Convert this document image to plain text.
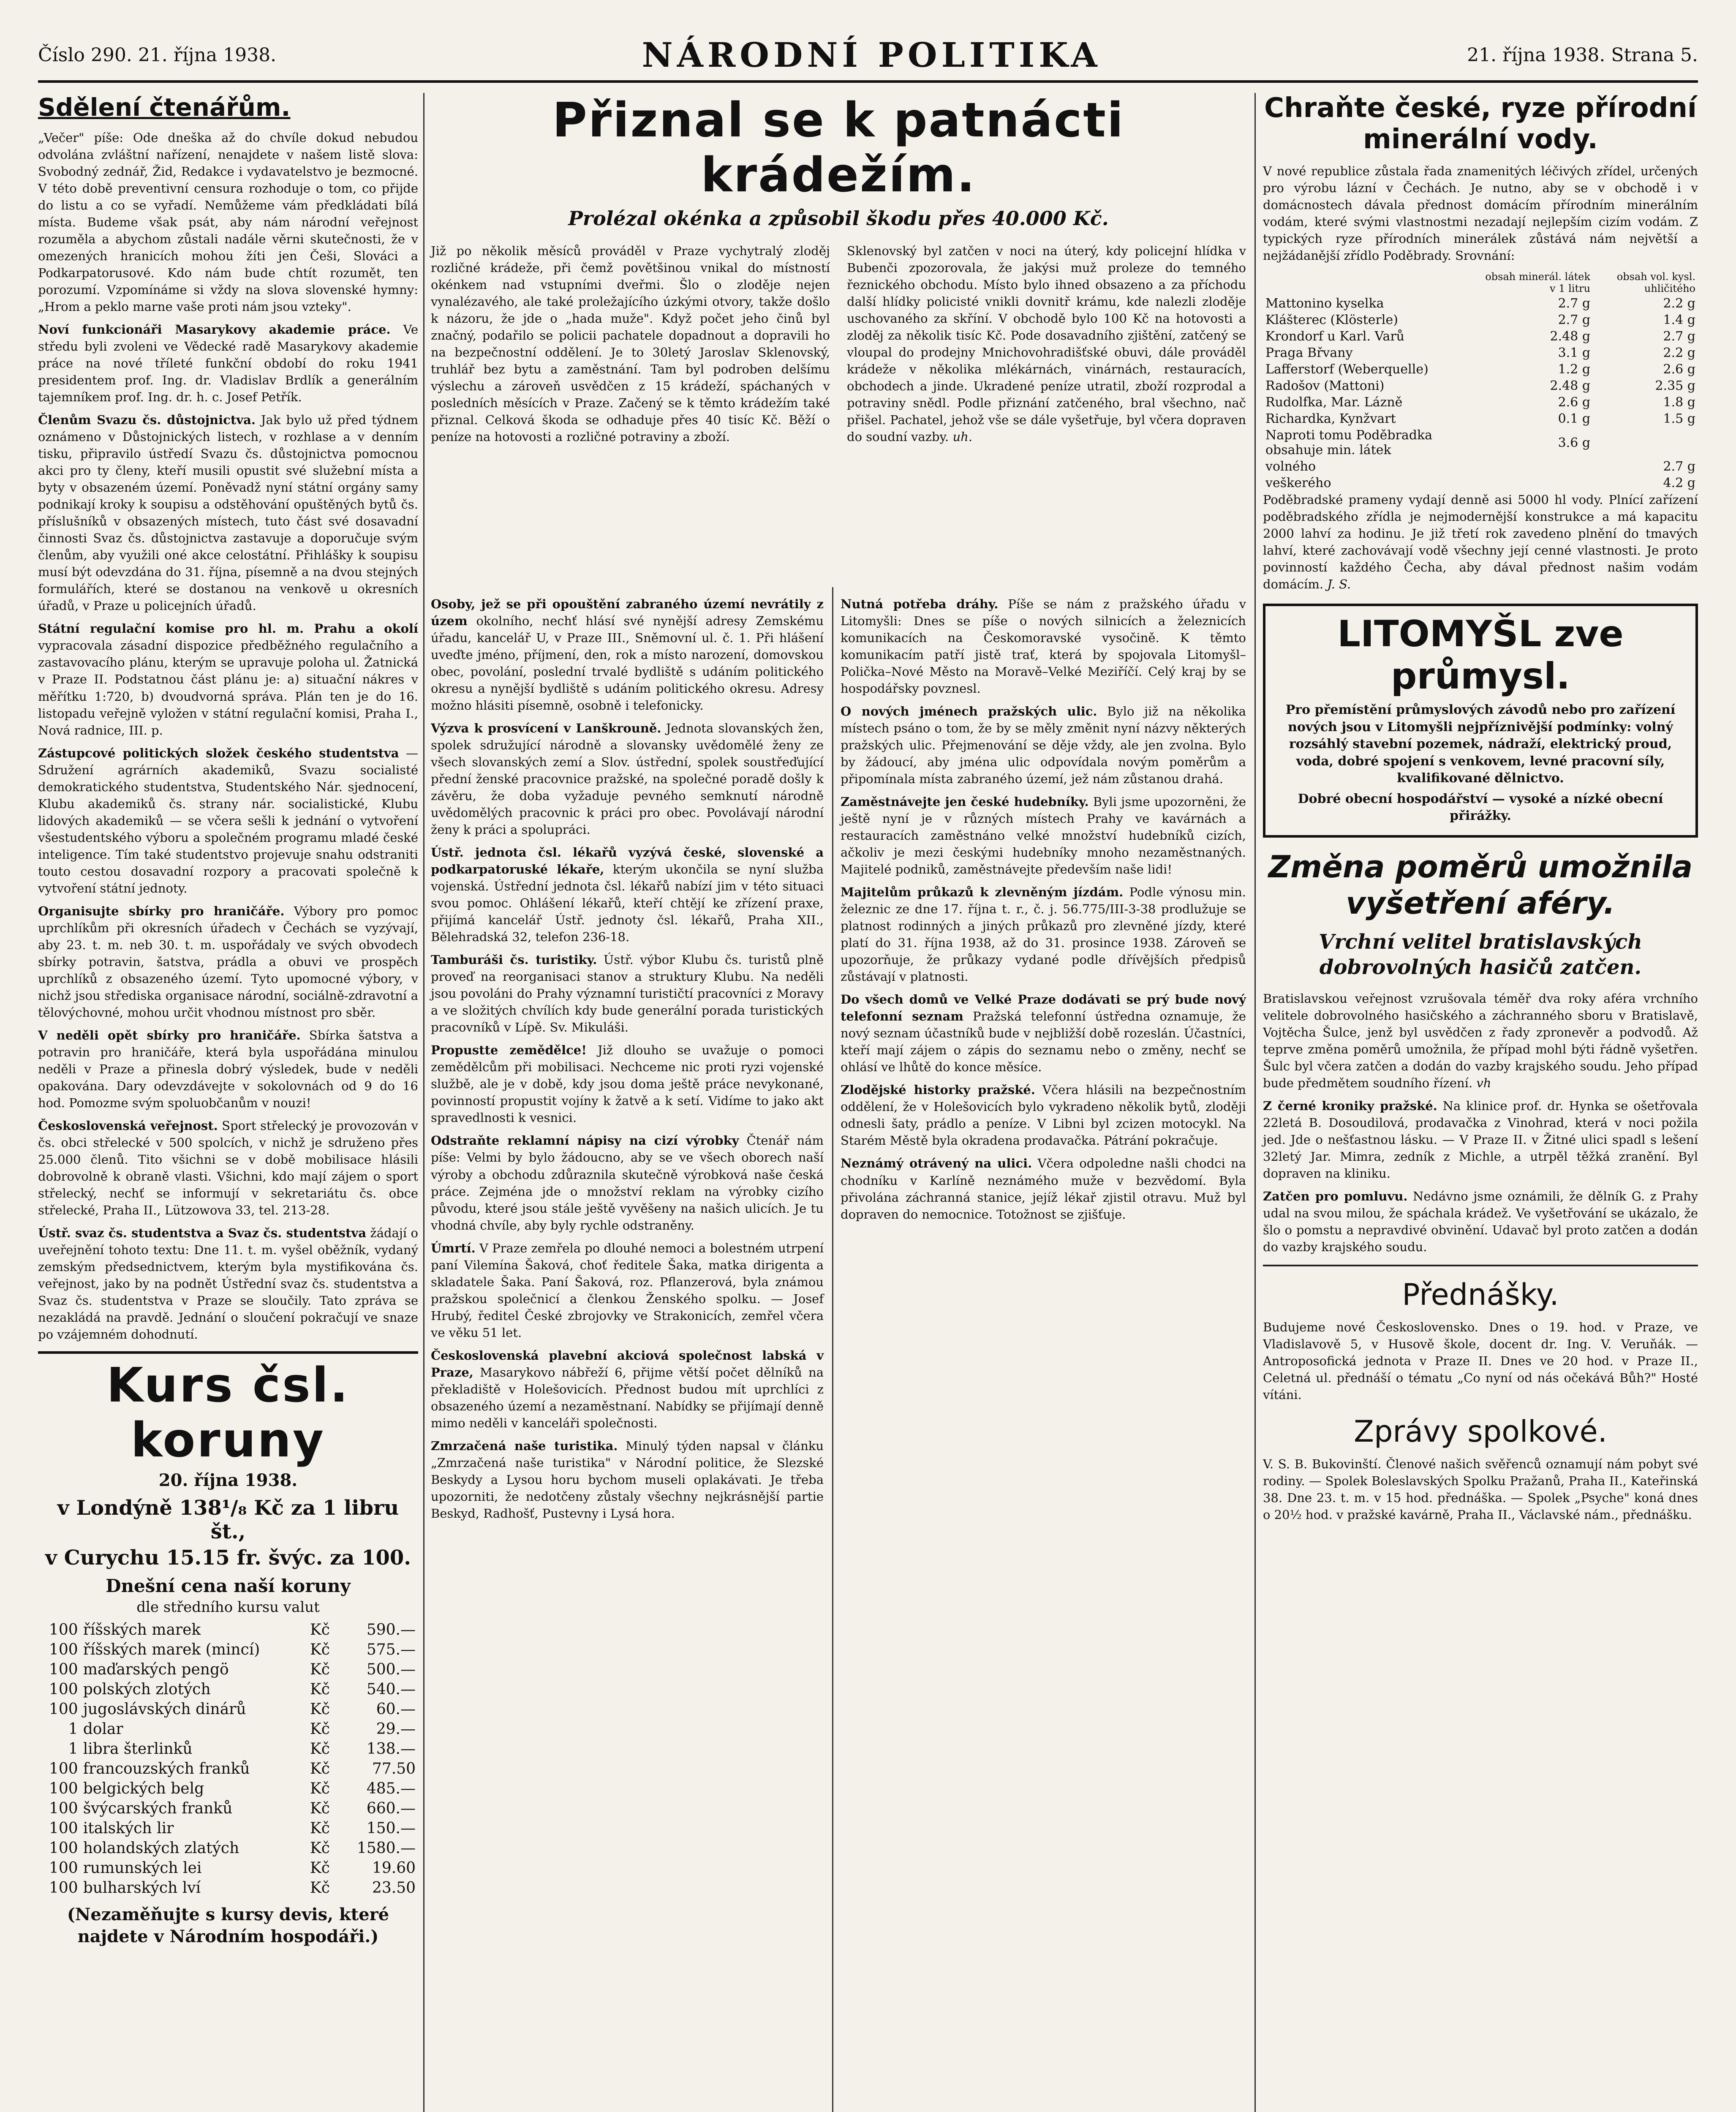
Číslo 290. 21. října 1938.	NÁRODNÍ POLITIKA	21. října 1938. Strana 5.
Sdělení čtenářům.

„Večer" píše: Ode dneška až do chvíle dokud nebudou odvolána zvláštní nařízení, nenajdete v našem listě slova: Svobodný zednář, Žid, Redakce i vydavatelstvo je bezmocné. V této době preventivní censura rozhoduje o tom, co přijde do listu a co se vyřadí. Nemůžeme vám předkládati bílá místa. Budeme však psát, aby nám národní veřejnost rozuměla a abychom zůstali nadále věrni skutečnosti, že v omezených hranicích mohou žíti jen Češi, Slováci a Podkarpatorusové. Kdo nám bude chtít rozumět, ten porozumí. Vzpomínáme si vždy na slova slovenské hymny: „Hrom a peklo marne vaše proti nám jsou vzteky".

Noví funkcionáři Masarykovy akademie práce. Ve středu byli zvoleni ve Vědecké radě Masarykovy akademie práce na nové tříleté funkční období do roku 1941 presidentem prof. Ing. dr. Vladislav Brdlík a generálním tajemníkem prof. Ing. dr. h. c. Josef Petřík.

Členům Svazu čs. důstojnictva. Jak bylo už před týdnem oznámeno v Důstojnických listech, v rozhlase a v denním tisku, připravilo ústředí Svazu čs. důstojnictva pomocnou akci pro ty členy, kteří musili opustit své služební místa a byty v obsazeném území. Poněvadž nyní státní orgány samy podnikají kroky k soupisu a odstěhování opuštěných bytů čs. příslušníků v obsazených místech, tuto část své dosavadní činnosti Svaz čs. důstojnictva zastavuje a doporučuje svým členům, aby využili oné akce celostátní. Přihlášky k soupisu musí být odevzdána do 31. října, písemně a na dvou stejných formulářích, které se dostanou na venkově u okresních úřadů, v Praze u policejních úřadů.

Státní regulační komise pro hl. m. Prahu a okolí vypracovala zásadní dispozice předběžného regulačního a zastavovacího plánu, kterým se upravuje poloha ul. Žatnická v Praze II. Podstatnou část plánu je: a) situační nákres v měřítku 1:720, b) dvoudvorná správa. Plán ten je do 16. listopadu veřejně vyložen v státní regulační komisi, Praha I., Nová radnice, III. p.

Zástupcové politických složek českého studentstva — Sdružení agrárních akademiků, Svazu socialisté demokratického studentstva, Studentského Nár. sjednocení, Klubu akademiků čs. strany nár. socialistické, Klubu lidových akademiků — se včera sešli k jednání o vytvoření všestudentského výboru a společném programu mladé české inteligence. Tím také studentstvo projevuje snahu odstraniti touto cestou dosavadní rozpory a pracovati společně k vytvoření státní jednoty.

Organisujte sbírky pro hraničáře. Výbory pro pomoc uprchlíkům při okresních úřadech v Čechách se vyzývají, aby 23. t. m. neb 30. t. m. uspořádaly ve svých obvodech sbírky potravin, šatstva, prádla a obuvi ve prospěch uprchlíků z obsazeného území. Tyto upomocné výbory, v nichž jsou střediska organisace národní, sociálně-zdravotní a tělovýchovné, mohou určit vhodnou místnost pro sběr.

V neděli opět sbírky pro hraničáře. Sbírka šatstva a potravin pro hraničáře, která byla uspořádána minulou neděli v Praze a přinesla dobrý výsledek, bude v neděli opakována. Dary odevzdávejte v sokolovnách od 9 do 16 hod. Pomozme svým spoluobčanům v nouzi!

Československá veřejnost. Sport střelecký je provozován v čs. obci střelecké v 500 spolcích, v nichž je sdruženo přes 25.000 členů. Tito všichni se v době mobilisace hlásili dobrovolně k obraně vlasti. Všichni, kdo mají zájem o sport střelecký, nechť se informují v sekretariátu čs. obce střelecké, Praha II., Lützowova 33, tel. 213-28.

Ústř. svaz čs. studentstva a Svaz čs. studentstva žádají o uveřejnění tohoto textu: Dne 11. t. m. vyšel oběžník, vydaný zemským předsednictvem, kterým byla mystifikována čs. veřejnost, jako by na podnět Ústřední svaz čs. studentstva a Svaz čs. studentstva v Praze se sloučily. Tato zpráva se nezakládá na pravdě. Jednání o sloučení pokračují ve snaze po vzájemném dohodnutí.

Kurs čsl. koruny
20. října 1938.
v Londýně 138¹/₈ Kč za 1 libru št.,
v Curychu 15.15 fr. švýc. za 100.
Dnešní cena naší koruny
dle středního kursu valut
100	říšských marek	Kč	590.—
100	říšských marek (mincí)	Kč	575.—
100	maďarských pengö	Kč	500.—
100	polských zlotých	Kč	540.—
100	jugoslávských dinárů	Kč	60.—
1	dolar	Kč	29.—
1	libra šterlinků	Kč	138.—
100	francouzských franků	Kč	77.50
100	belgických belg	Kč	485.—
100	švýcarských franků	Kč	660.—
100	italských lir	Kč	150.—
100	holandských zlatých	Kč	1580.—
100	rumunských lei	Kč	19.60
100	bulharských lví	Kč	23.50
(Nezaměňujte s kursy devis, které najdete v Národním hospodáři.)
Přiznal se k patnácti krádežím.
Prolézal okénka a způsobil škodu přes 40.000 Kč.

Již po několik měsíců prováděl v Praze vychytralý zloděj rozličné krádeže, při čemž povětšinou vnikal do místností okénkem nad vstupními dveřmi. Šlo o zloděje nejen vynalézavého, ale také proležajícího úzkými otvory, takže došlo k názoru, že jde o „hada muže". Když počet jeho činů byl značný, podařilo se policii pachatele dopadnout a dopravili ho na bezpečnostní oddělení. Je to 30letý Jaroslav Sklenovský, truhlář bez bytu a zaměstnání. Tam byl podroben delšímu výslechu a zároveň usvědčen z 15 krádeží, spáchaných v posledních měsících v Praze. Začený se k těmto krádežím také přiznal. Celková škoda se odhaduje přes 40 tisíc Kč. Běží o peníze na hotovosti a rozličné potraviny a zboží.

Sklenovský byl zatčen v noci na úterý, kdy policejní hlídka v Bubenči zpozorovala, že jakýsi muž proleze do temného řeznického obchodu. Místo bylo ihned obsazeno a za příchodu další hlídky policisté vnikli dovnitř krámu, kde nalezli zloděje uschovaného za skříní. V obchodě bylo 100 Kč na hotovosti a zloděj za několik tisíc Kč. Pode dosavadního zjištění, zatčený se vloupal do prodejny Mnichovohradišťské obuvi, dále prováděl krádeže v několika mlékárnách, vinárnách, restauracích, obchodech a jinde. Ukradené peníze utratil, zboží rozprodal a potraviny snědl. Podle přiznání zatčeného, bral všechno, nač přišel. Pachatel, jehož vše se dále vyšetřuje, byl včera dopraven do soudní vazby. uh.

Osoby, jež se při opouštění zabraného území nevrátily z územ okolního, nechť hlásí své nynější adresy Zemskému úřadu, kancelář U, v Praze III., Sněmovní ul. č. 1. Při hlášení uveďte jméno, příjmení, den, rok a místo narození, domovskou obec, povolání, poslední trvalé bydliště s udáním politického okresu a nynější bydliště s udáním politického okresu. Adresy možno hlásiti písemně, osobně i telefonicky.

Výzva k prosvícení v Lanškrouně. Jednota slovanských žen, spolek sdružující národně a slovansky uvědomělé ženy ze všech slovanských zemí a Slov. ústřední, spolek soustřeďující přední ženské pracovnice pražské, na společné poradě došly k závěru, že doba vyžaduje pevného semknutí národně uvědomělých pracovnic k práci pro obec. Povolávají národní ženy k práci a spolupráci.

Ústř. jednota čsl. lékařů vyzývá české, slovenské a podkarpatoruské lékaře, kterým ukončila se nyní služba vojenská. Ústřední jednota čsl. lékařů nabízí jim v této situaci svou pomoc. Ohlášení lékařů, kteří chtějí ke zřízení praxe, přijímá kancelář Ústř. jednoty čsl. lékařů, Praha XII., Bělehradská 32, telefon 236-18.

Tamburáši čs. turistiky. Ústř. výbor Klubu čs. turistů plně proveď na reorganisaci stanov a struktury Klubu. Na neděli jsou povoláni do Prahy významní turističtí pracovníci z Moravy a ve složitých chvílích kdy bude generální porada turistických pracovníků v Lípě. Sv. Mikuláši.

Propustte zemědělce! Již dlouho se uvažuje o pomoci zemědělcům při mobilisaci. Nechceme nic proti ryzi vojenské službě, ale je v době, kdy jsou doma ještě práce nevykonané, povinností propustit vojíny k žatvě a k setí. Vidíme to jako akt spravedlnosti k vesnici.

Odstraňte reklamní nápisy na cizí výrobky Čtenář nám píše: Velmi by bylo žádoucno, aby se ve všech oborech naší výroby a obchodu zdůraznila skutečně výrobková naše česká práce. Zejména jde o množství reklam na výrobky cizího původu, které jsou stále ještě vyvěšeny na našich ulicích. Je tu vhodná chvíle, aby byly rychle odstraněny.

Úmrtí. V Praze zemřela po dlouhé nemoci a bolestném utrpení paní Vilemína Šaková, choť ředitele Šaka, matka dirigenta a skladatele Šaka. Paní Šaková, roz. Pflanzerová, byla známou pražskou společnicí a členkou Ženského spolku. — Josef Hrubý, ředitel České zbrojovky ve Strakonicích, zemřel včera ve věku 51 let.

Československá plavební akciová společnost labská v Praze, Masarykovo nábřeží 6, přijme větší počet dělníků na překladiště v Holešovicích. Přednost budou mít uprchlíci z obsazeného území a nezaměstnaní. Nabídky se přijímají denně mimo neděli v kanceláři společnosti.

Zmrzačená naše turistika. Minulý týden napsal v článku „Zmrzačená naše turistika" v Národní politice, že Slezské Beskydy a Lysou horu bychom museli oplakávati. Je třeba upozorniti, že nedotčeny zůstaly všechny nejkrásnější partie Beskyd, Radhošť, Pustevny i Lysá hora.

Nutná potřeba dráhy. Píše se nám z pražského úřadu v Litomyšli: Dnes se píše o nových silnicích a železnicích komunikacích na Českomoravské vysočině. K těmto komunikacím patří jistě trať, která by spojovala Litomyšl–Polička–Nové Město na Moravě–Velké Meziříčí. Celý kraj by se hospodářsky povznesl.

O nových jménech pražských ulic. Bylo již na několika místech psáno o tom, že by se měly změnit nyní názvy některých pražských ulic. Přejmenování se děje vždy, ale jen zvolna. Bylo by žádoucí, aby jména ulic odpovídala novým poměrům a připomínala místa zabraného území, jež nám zůstanou drahá.

Zaměstnávejte jen české hudebníky. Byli jsme upozorněni, že ještě nyní je v různých místech Prahy ve kavárnách a restauracích zaměstnáno velké množství hudebníků cizích, ačkoliv je mezi českými hudebníky mnoho nezaměstnaných. Majitelé podniků, zaměstnávejte především naše lidi!

Majitelům průkazů k zlevněným jízdám. Podle výnosu min. železnic ze dne 17. října t. r., č. j. 56.775/III-3-38 prodlužuje se platnost rodinných a jiných průkazů pro zlevněné jízdy, které platí do 31. října 1938, až do 31. prosince 1938. Zároveň se upozorňuje, že průkazy vydané podle dřívějších předpisů zůstávají v platnosti.

Do všech domů ve Velké Praze dodávati se prý bude nový telefonní seznam Pražská telefonní ústředna oznamuje, že nový seznam účastníků bude v nejbližší době rozeslán. Účastníci, kteří mají zájem o zápis do seznamu nebo o změny, nechť se ohlásí ve lhůtě do konce měsíce.

Zlodějské historky pražské. Včera hlásili na bezpečnostním oddělení, že v Holešovicích bylo vykradeno několik bytů, zloději odnesli šaty, prádlo a peníze. V Libni byl zcizen motocykl. Na Starém Městě byla okradena prodavačka. Pátrání pokračuje.

Neznámý otrávený na ulici. Včera odpoledne našli chodci na chodníku v Karlíně neznámého muže v bezvědomí. Byla přivolána záchranná stanice, jejíž lékař zjistil otravu. Muž byl dopraven do nemocnice. Totožnost se zjišťuje.

Chraňte české, ryze přírodní minerální vody.

V nové republice zůstala řada znamenitých léčivých zřídel, určených pro výrobu lázní v Čechách. Je nutno, aby se v obchodě i v domácnostech dávala přednost domácím přírodním minerálním vodám, které svými vlastnostmi nezadají nejlepším cizím vodám. Z typických ryze přírodních minerálek zůstává nám největší a nejžádanější zřídlo Poděbrady. Srovnání:

	obsah minerál. látek v 1 litru	obsah vol. kysl. uhličitého
Mattonino kyselka	2.7 g	2.2 g
Klášterec (Klösterle)	2.7 g	1.4 g
Krondorf u Karl. Varů	2.48 g	2.7 g
Praga Břvany	3.1 g	2.2 g
Lafferstorf (Weberquelle)	1.2 g	2.6 g
Radošov (Mattoni)	2.48 g	2.35 g
Rudolfka, Mar. Lázně	2.6 g	1.8 g
Richardka, Kynžvart	0.1 g	1.5 g
Naproti tomu Poděbradka obsahuje min. látek	3.6 g	
volného		2.7 g
veškerého		4.2 g

Poděbradské prameny vydají denně asi 5000 hl vody. Plnící zařízení poděbradského zřídla je nejmodernější konstrukce a má kapacitu 2000 lahví za hodinu. Je již třetí rok zavedeno plnění do tmavých lahví, které zachovávají vodě všechny její cenné vlastnosti. Je proto povinností každého Čecha, aby dával přednost našim vodám domácím. J. S.

LITOMYŠL zve průmysl.

Pro přemístění průmyslových závodů nebo pro zařízení nových jsou v Litomyšli nejpříznivější podmínky: volný rozsáhlý stavební pozemek, nádraží, elektrický proud, voda, dobré spojení s venkovem, levné pracovní síly, kvalifikované dělnictvo.

Dobré obecní hospodářství — vysoké a nízké obecní přirážky.

Změna poměrů umožnila vyšetření aféry.
Vrchní velitel bratislavských dobrovolných hasičů zatčen.

Bratislavskou veřejnost vzrušovala téměř dva roky aféra vrchního velitele dobrovolného hasičského a záchranného sboru v Bratislavě, Vojtěcha Šulce, jenž byl usvědčen z řady zpronevěr a podvodů. Až teprve změna poměrů umožnila, že případ mohl býti řádně vyšetřen. Šulc byl včera zatčen a dodán do vazby krajského soudu. Jeho případ bude předmětem soudního řízení. vh

Z černé kroniky pražské. Na klinice prof. dr. Hynka se ošetřovala 22letá B. Dosoudilová, prodavačka z Vinohrad, která v noci požila jed. Jde o nešťastnou lásku. — V Praze II. v Žitné ulici spadl s lešení 32letý Jar. Mimra, zedník z Michle, a utrpěl těžká zranění. Byl dopraven na kliniku.

Zatčen pro pomluvu. Nedávno jsme oznámili, že dělník G. z Prahy udal na svou milou, že spáchala krádež. Ve vyšetřování se ukázalo, že šlo o pomstu a nepravdivé obvinění. Udavač byl proto zatčen a dodán do vazby krajského soudu.

Přednášky.

Budujeme nové Československo. Dnes o 19. hod. v Praze, ve Vladislavově 5, v Husově škole, docent dr. Ing. V. Veruňák. — Antroposofická jednota v Praze II. Dnes ve 20 hod. v Praze II., Celetná ul. přednáší o tématu „Co nyní od nás očekává Bůh?" Hosté vítáni.

Zprávy spolkové.

V. S. B. Bukovinští. Členové našich svěřenců oznamují nám pobyt své rodiny. — Spolek Boleslavských Spolku Pražanů, Praha II., Kateřinská 38. Dne 23. t. m. v 15 hod. přednáška. — Spolek „Psyche" koná dnes o 20½ hod. v pražské kavárně, Praha II., Václavské nám., přednášku.
